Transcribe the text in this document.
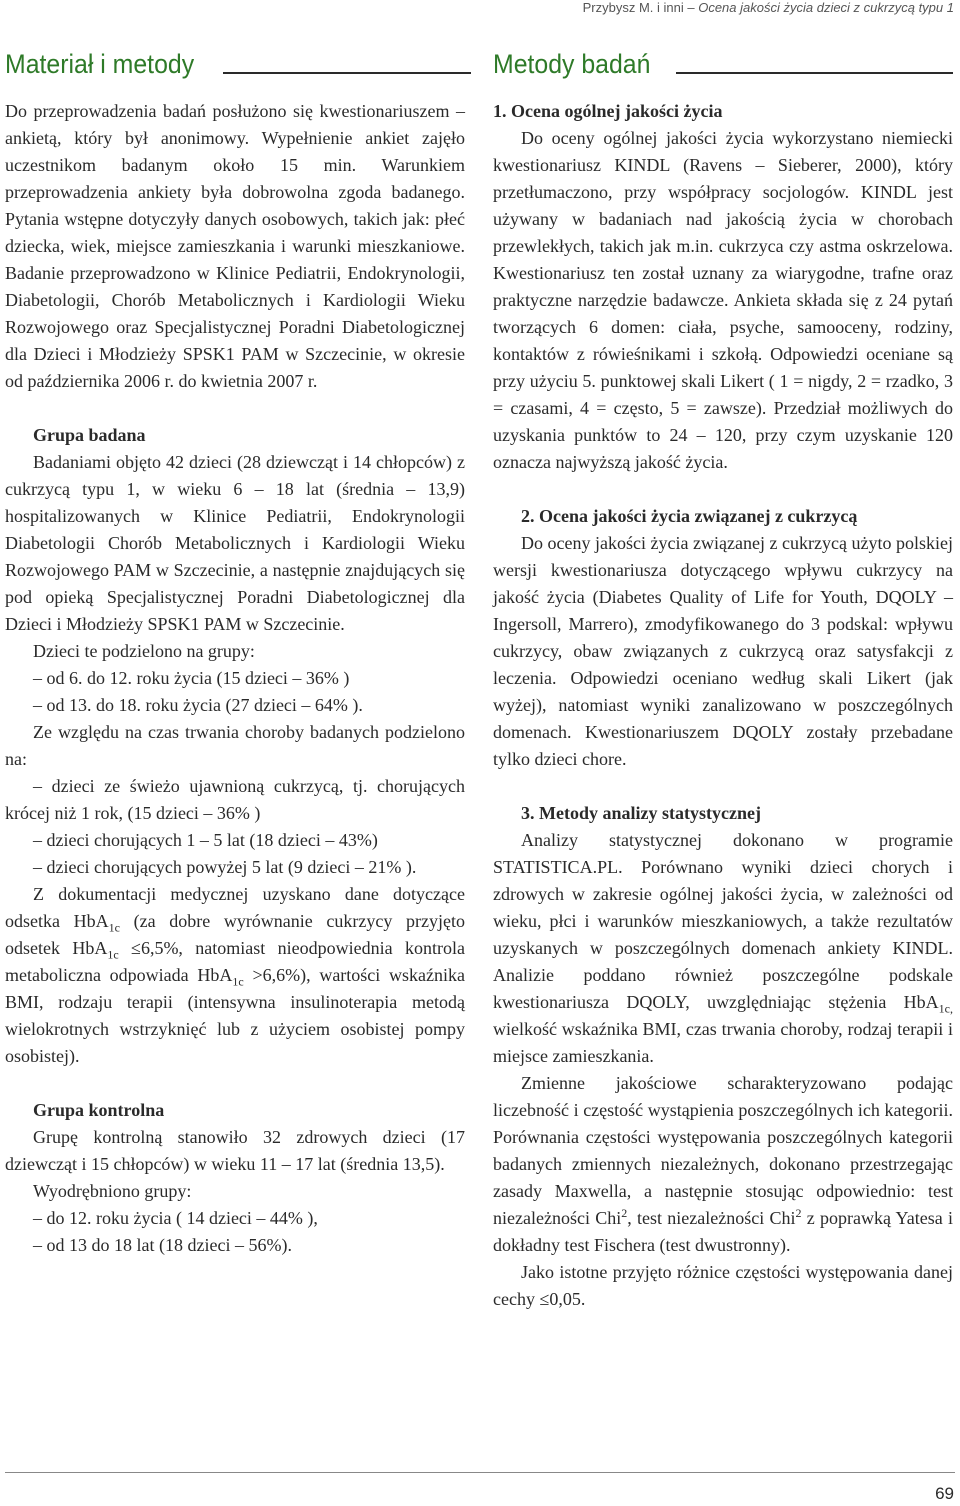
Przybysz M. i inni – Ocena jakości życia dzieci z cukrzycą typu 1
Materiał i metody

Do przeprowadzenia badań posłużono się kwestionariuszem – ankietą, który był anonimowy. Wypełnienie ankiet zajęło uczestnikom badanym około 15 min. Warunkiem przeprowadzenia ankiety była dobrowolna zgoda badanego. Pytania wstępne dotyczyły danych osobowych, takich jak: płeć dziecka, wiek, miejsce zamieszkania i warunki mieszkaniowe. Badanie przeprowadzono w Klinice Pediatrii, Endokrynologii, Diabetologii, Chorób Metabolicznych i Kardiologii Wieku Rozwojowego oraz Specjalistycznej Poradni Diabetologicznej dla Dzieci i Młodzieży SPSK1 PAM w Szczecinie, w okresie od października 2006 r. do kwietnia 2007 r.

Grupa badana

Badaniami objęto 42 dzieci (28 dziewcząt i 14 chłopców) z cukrzycą typu 1, w wieku 6 – 18 lat (średnia – 13,9) hospitalizowanych w Klinice Pediatrii, Endokrynologii Diabetologii Chorób Metabolicznych i Kardiologii Wieku Rozwojowego PAM w Szczecinie, a następnie znajdujących się pod opieką Specjalistycznej Poradni Diabetologicznej dla Dzieci i Młodzieży SPSK1 PAM w Szczecinie.

Dzieci te podzielono na grupy:

– od 6. do 12. roku życia (15 dzieci – 36% )

– od 13. do 18. roku życia (27 dzieci – 64% ).

Ze względu na czas trwania choroby badanych podzielono na:

– dzieci ze świeżo ujawnioną cukrzycą, tj. chorujących krócej niż 1 rok, (15 dzieci – 36% )

– dzieci chorujących 1 – 5 lat (18 dzieci – 43%)

– dzieci chorujących powyżej 5 lat (9 dzieci – 21% ).

Z dokumentacji medycznej uzyskano dane dotyczące odsetka HbA$_{1c}$ (za dobre wyrównanie cukrzycy przyjęto odsetek HbA$_{1c}$ ≤6,5%, natomiast nieodpowiednia kontrola metaboliczna odpowiada HbA$_{1c}$ >6,6%), wartości wskaźnika BMI, rodzaju terapii (intensywna insulinoterapia metodą wielokrotnych wstrzyknięć lub z użyciem osobistej pompy osobistej).

Grupa kontrolna

Grupę kontrolną stanowiło 32 zdrowych dzieci (17 dziewcząt i 15 chłopców) w wieku 11 – 17 lat (średnia 13,5).

Wyodrębniono grupy:

– do 12. roku życia ( 14 dzieci – 44% ),

– od 13 do 18 lat (18 dzieci – 56%).

Metody badań
1. Ocena ogólnej jakości życia

Do oceny ogólnej jakości życia wykorzystano niemiecki kwestionariusz KINDL (Ravens – Sieberer, 2000), który przetłumaczono, przy współpracy socjologów. KINDL jest używany w badaniach nad jakością życia w chorobach przewlekłych, takich jak m.in. cukrzyca czy astma oskrzelowa. Kwestionariusz ten został uznany za wiarygodne, trafne oraz praktyczne narzędzie badawcze. Ankieta składa się z 24 pytań tworzących 6 domen: ciała, psyche, samooceny, rodziny, kontaktów z rówieśnikami i szkołą. Odpowiedzi oceniane są przy użyciu 5. punktowej skali Likert ( 1 = nigdy, 2 = rzadko, 3 = czasami, 4 = często, 5 = zawsze). Przedział możliwych do uzyskania punktów to 24 – 120, przy czym uzyskanie 120 oznacza najwyższą jakość życia.

2. Ocena jakości życia związanej z cukrzycą

Do oceny jakości życia związanej z cukrzycą użyto polskiej wersji kwestionariusza dotyczącego wpływu cukrzycy na jakość życia (Diabetes Quality of Life for Youth, DQOLY – Ingersoll, Marrero), zmodyfikowanego do 3 podskal: wpływu cukrzycy, obaw związanych z cukrzycą oraz satysfakcji z leczenia. Odpowiedzi oceniano według skali Likert (jak wyżej), natomiast wyniki zanalizowano w poszczególnych domenach. Kwestionariuszem DQOLY zostały przebadane tylko dzieci chore.

3. Metody analizy statystycznej

Analizy statystycznej dokonano w programie STATISTICA.PL. Porównano wyniki dzieci chorych i zdrowych w zakresie ogólnej jakości życia, w zależności od wieku, płci i warunków mieszkaniowych, a także rezultatów uzyskanych w poszczególnych domenach ankiety KINDL. Analizie poddano również poszczególne podskale kwestionariusza DQOLY, uwzględniając stężenia HbA$_{1c,}$ wielkość wskaźnika BMI, czas trwania choroby, rodzaj terapii i miejsce zamieszkania.

Zmienne jakościowe scharakteryzowano podając liczebność i częstość wystąpienia poszczególnych ich kategorii. Porównania częstości występowania poszczególnych kategorii badanych zmiennych niezależnych, dokonano przestrzegając zasady Maxwella, a następnie stosując odpowiednio: test niezależności Chi$^2$, test niezależności Chi$^2$ z poprawką Yatesa i dokładny test Fischera (test dwustronny).

Jako istotne przyjęto różnice częstości występowania danej cechy ≤0,05.

69
